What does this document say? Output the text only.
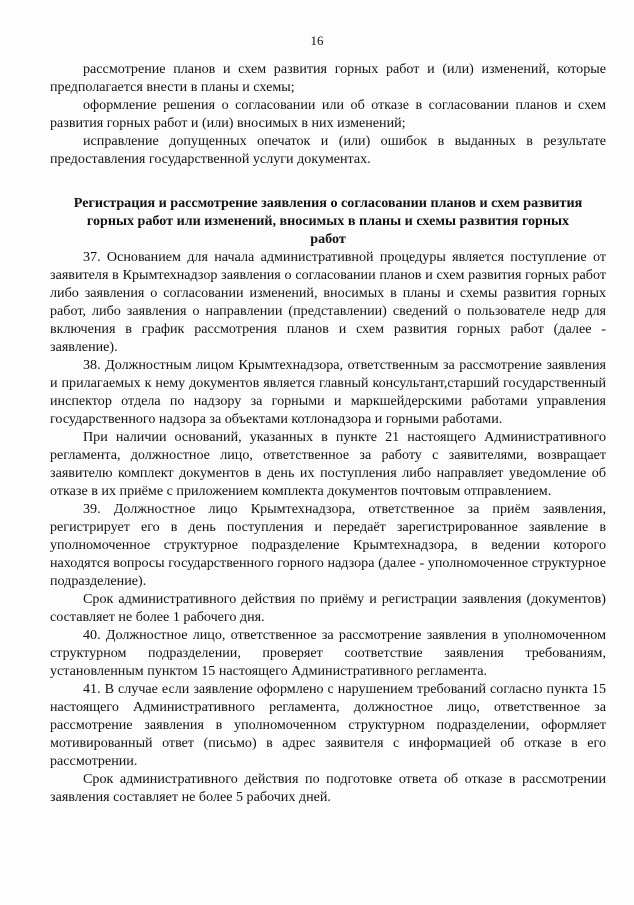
16

рассмотрение планов и схем развития горных работ и (или) изменений, которые предполагается внести в планы и схемы;

оформление решения о согласовании или об отказе в согласовании планов и схем развития горных работ и (или) вносимых в них изменений;

исправление допущенных опечаток и (или) ошибок в выданных в результате предоставления государственной услуги документах.

Регистрация и рассмотрение заявления о согласовании планов и схем развития горных работ или изменений, вносимых в планы и схемы развития горных работ

37. Основанием для начала административной процедуры является поступление от заявителя в Крымтехнадзор заявления о согласовании планов и схем развития горных работ либо заявления о согласовании изменений, вносимых в планы и схемы развития горных работ, либо заявления о направлении (представлении) сведений о пользователе недр для включения в график рассмотрения планов и схем развития горных работ (далее - заявление).

38. Должностным лицом Крымтехнадзора, ответственным за рассмотрение заявления и прилагаемых к нему документов является главный консультант,старший государственный инспектор отдела по надзору за горными и маркшейдерскими работами управления государственного надзора за объектами котлонадзора и горными работами.

При наличии оснований, указанных в пункте 21 настоящего Административного регламента, должностное лицо, ответственное за работу с заявителями, возвращает заявителю комплект документов в день их поступления либо направляет уведомление об отказе в их приёме с приложением комплекта документов почтовым отправлением.

39. Должностное лицо Крымтехнадзора, ответственное за приём заявления, регистрирует его в день поступления и передаёт зарегистрированное заявление в уполномоченное структурное подразделение Крымтехнадзора, в ведении которого находятся вопросы государственного горного надзора (далее - уполномоченное структурное подразделение).

Срок административного действия по приёму и регистрации заявления (документов) составляет не более 1 рабочего дня.

40. Должностное лицо, ответственное за рассмотрение заявления в уполномоченном структурном подразделении, проверяет соответствие заявления требованиям, установленным пунктом 15 настоящего Административного регламента.

41. В случае если заявление оформлено с нарушением требований согласно пункта 15 настоящего Административного регламента, должностное лицо, ответственное за рассмотрение заявления в уполномоченном структурном подразделении, оформляет мотивированный ответ (письмо) в адрес заявителя с информацией об отказе в его рассмотрении.

Срок административного действия по подготовке ответа об отказе в рассмотрении заявления составляет не более 5 рабочих дней.
